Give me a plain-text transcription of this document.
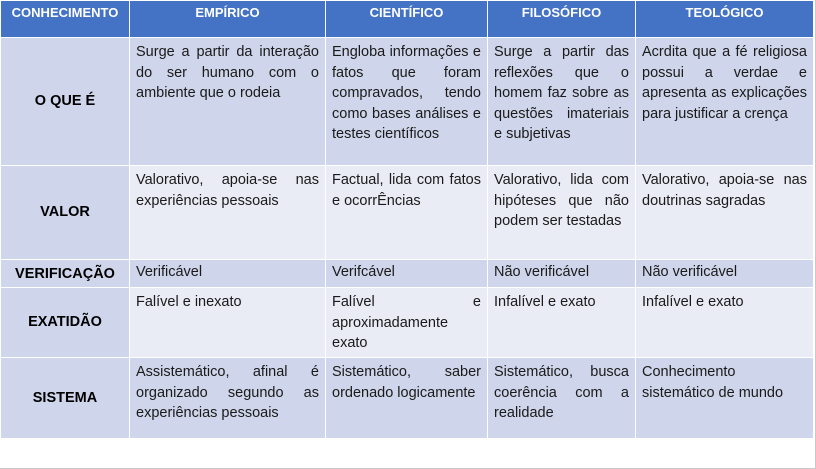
CONHECIMENTO	EMPÍRICO	CIENTÍFICO	FILOSÓFICO	TEOLÓGICO
O QUE É	Surge a partir da interação do ser humano com o ambiente que o rodeia	Engloba informações e fatos que foram compravados, tendo como bases análises e testes científicos	Surge a partir das reflexões que o homem faz sobre as questões imateriais e subjetivas	Acrdita que a fé religiosa possui a verdae e apresenta as explicações para justificar a crença
VALOR	Valorativo, apoia-se nas experiências pessoais	Factual, lida com fatos e ocorrÊncias	Valorativo, lida com hipóteses que não podem ser testadas	Valorativo, apoia-se nas doutrinas sagradas
VERIFICAÇÃO	Verificável	Verifcável	Não verificável	Não verificável
EXATIDÃO	Falível e inexato	Falível e aproximadamente exato	Infalível e exato	Infalível e exato
SISTEMA	Assistemático, afinal é organizado segundo as experiências pessoais	Sistemático, saber ordenado logicamente	Sistemático, busca coerência com a realidade	Conhecimento sistemático de mundo
